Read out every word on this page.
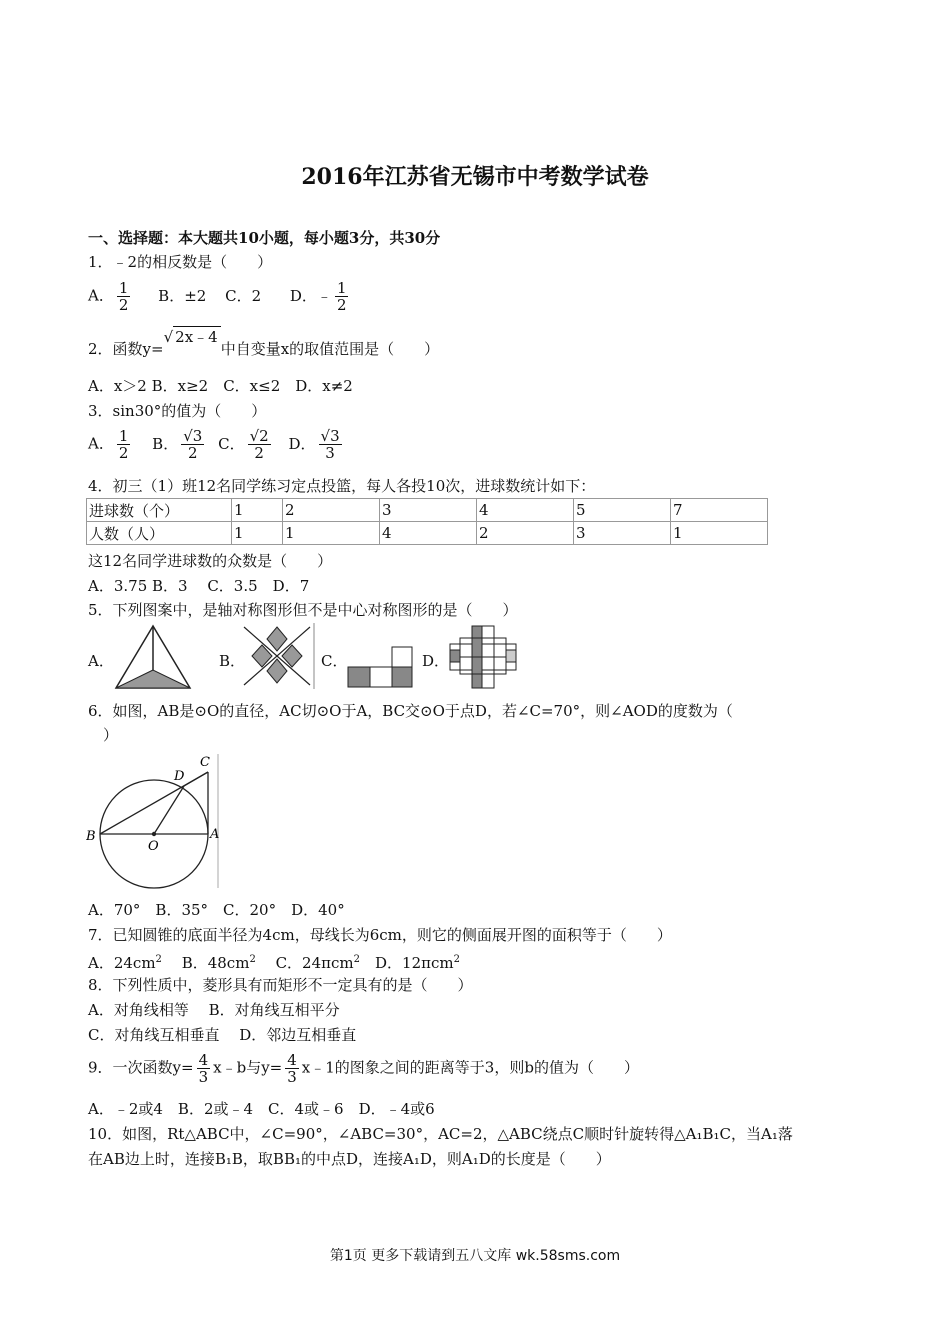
2016年江苏省无锡市中考数学试卷
一、选择题：本大题共10小题，每小题3分，共30分
1．﹣2的相反数是（　　）
A． $\frac{1}{2}$ B．±2 C．2 D．﹣ $\frac{1}{2}$
2．函数y=√ 2x﹣4中自变量x的取值范围是（　　）
A．x＞2 B．x≥2　C．x≤2　D．x≠2
3．sin30°的值为（　　）
A． $\frac{1}{2}$ B． $\frac{√3}{2}$ C． $\frac{√2}{2}$ D． $\frac{√3}{3}$
4．初三（1）班12名同学练习定点投篮，每人各投10次，进球数统计如下：
进球数（个）	1	2	3	4	5	7
人数（人）	1	1	4	2	3	1
这12名同学进球数的众数是（　　）
A．3.75 B．3　 C．3.5　D．7
5．下列图案中，是轴对称图形但不是中心对称图形的是（　　）
A．	B．	C．	D．
6．如图，AB是⊙O的直径，AC切⊙O于A，BC交⊙O于点D，若∠C=70°，则∠AOD的度数为（
　）
B
O
A
D
C
A．70°　B．35°　C．20°　D．40°
7．已知圆锥的底面半径为4cm，母线长为6cm，则它的侧面展开图的面积等于（　　）
A．$24cm^2$　 B．$48cm^2$　 C．24πcm$^2$　D．12πcm$^2$
8．下列性质中，菱形具有而矩形不一定具有的是（　　）
A．对角线相等　 B．对角线互相平分
C．对角线互相垂直　 D．邻边互相垂直
9．一次函数$y= \frac{4}{3}$ x﹣b与$y= \frac{4}{3}$ x﹣1的图象之间的距离等于3，则b的值为（　　）
A．﹣2或4　B．2或﹣4　C．4或﹣6　D．﹣4或6
10．如图，Rt△ABC中，∠C=90°，∠ABC=30°，AC=2，△ABC绕点C顺时针旋转得△A₁B₁C，当A₁落
在AB边上时，连接B₁B，取BB₁的中点D，连接A₁D，则A₁D的长度是（　　）
第1页 更多下载请到五八文库 wk.58sms.com
